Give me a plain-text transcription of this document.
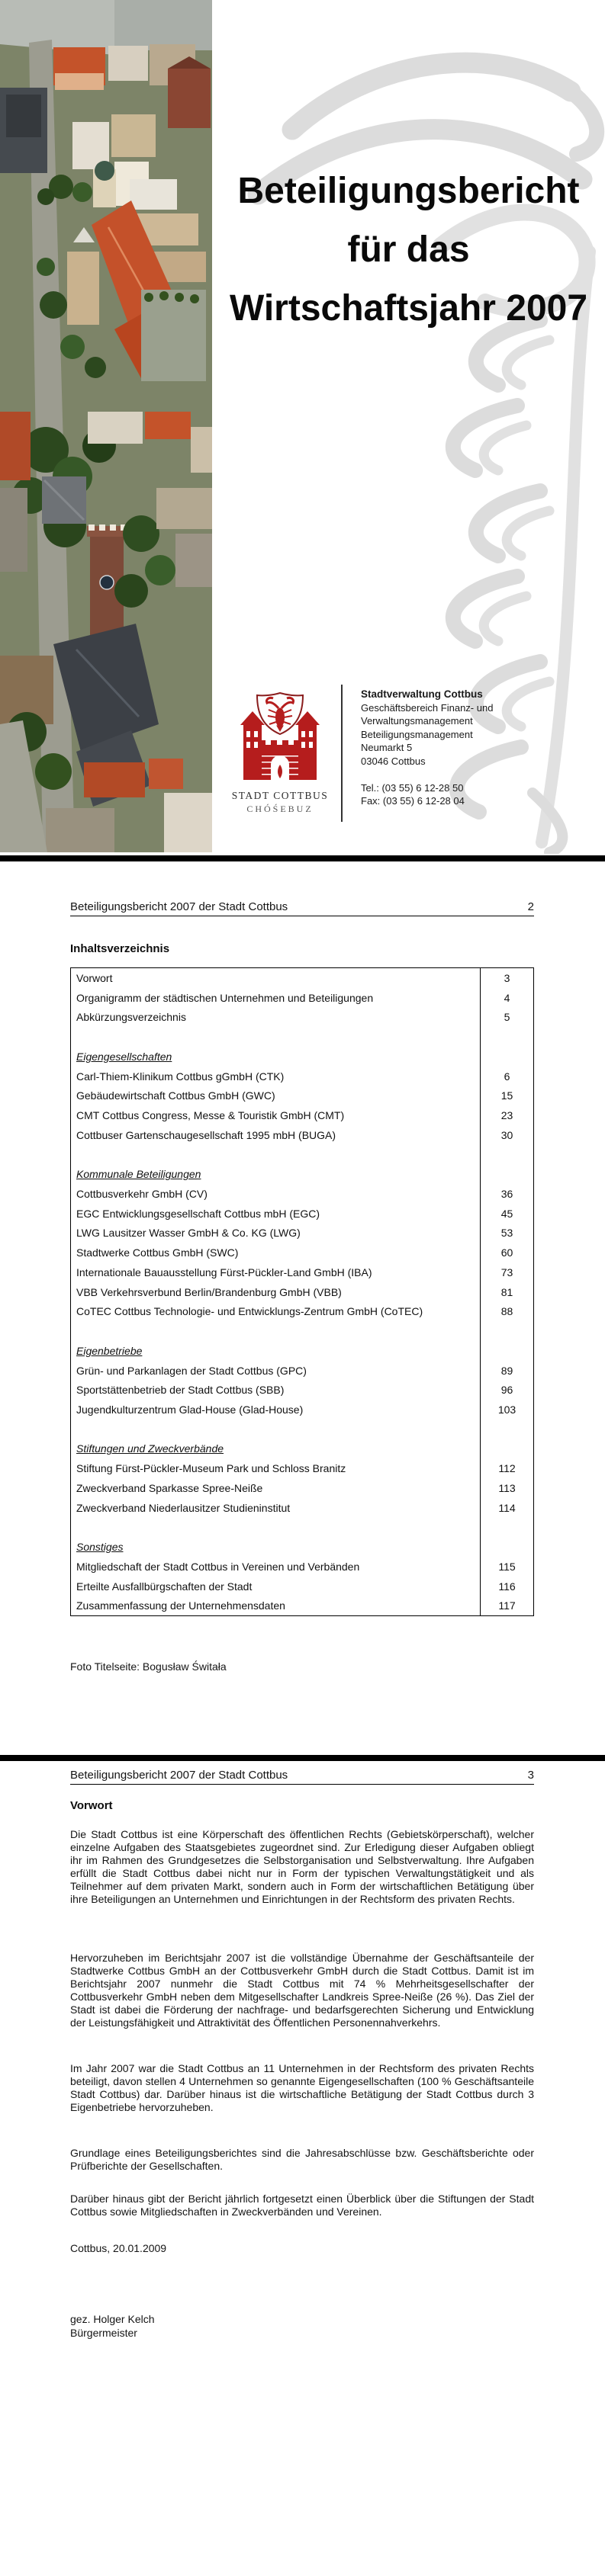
Beteiligungsbericht
für das
Wirtschaftsjahr 2007
STADT COTTBUS
CHÓŚEBUZ
Stadtverwaltung Cottbus
Geschäftsbereich Finanz- und
Verwaltungsmanagement
Beteiligungsmanagement
Neumarkt 5
03046 Cottbus
Tel.: (03 55) 6 12-28 50
Fax: (03 55) 6 12-28 04
Beteiligungsbericht 2007 der Stadt Cottbus	2
Inhaltsverzeichnis
Vorwort	3
Organigramm der städtischen Unternehmen und Beteiligungen	4
Abkürzungsverzeichnis	5
Eigengesellschaften
Carl-Thiem-Klinikum Cottbus gGmbH (CTK)	6
Gebäudewirtschaft Cottbus GmbH (GWC)	15
CMT Cottbus Congress, Messe & Touristik GmbH (CMT)	23
Cottbuser Gartenschaugesellschaft 1995 mbH (BUGA)	30
Kommunale Beteiligungen
Cottbusverkehr GmbH (CV)	36
EGC Entwicklungsgesellschaft Cottbus mbH (EGC)	45
LWG Lausitzer Wasser GmbH & Co. KG (LWG)	53
Stadtwerke Cottbus GmbH (SWC)	60
Internationale Bauausstellung Fürst-Pückler-Land GmbH (IBA)	73
VBB Verkehrsverbund Berlin/Brandenburg GmbH (VBB)	81
CoTEC Cottbus Technologie- und Entwicklungs-Zentrum GmbH (CoTEC)	88
Eigenbetriebe
Grün- und Parkanlagen der Stadt Cottbus (GPC)	89
Sportstättenbetrieb der Stadt Cottbus (SBB)	96
Jugendkulturzentrum Glad-House (Glad-House)	103
Stiftungen und Zweckverbände
Stiftung Fürst-Pückler-Museum Park und Schloss Branitz	112
Zweckverband Sparkasse Spree-Neiße	113
Zweckverband Niederlausitzer Studieninstitut	114
Sonstiges
Mitgliedschaft der Stadt Cottbus in Vereinen und Verbänden	115
Erteilte Ausfallbürgschaften der Stadt	116
Zusammenfassung der Unternehmensdaten	117
Foto Titelseite: Bogusław Świtała
Beteiligungsbericht 2007 der Stadt Cottbus	3
Vorwort

Die Stadt Cottbus ist eine Körperschaft des öffentlichen Rechts (Gebietskörperschaft), welcher einzelne Aufgaben des Staatsgebietes zugeordnet sind. Zur Erledigung dieser Aufgaben obliegt ihr im Rahmen des Grundgesetzes die Selbstorganisation und Selbstverwaltung. Ihre Aufgaben erfüllt die Stadt Cottbus dabei nicht nur in Form der typischen Verwaltungstätigkeit und als Teilnehmer auf dem privaten Markt, sondern auch in Form der wirtschaftlichen Betätigung über ihre Beteiligungen an Unternehmen und Einrichtungen in der Rechtsform des privaten Rechts.

Hervorzuheben im Berichtsjahr 2007 ist die vollständige Übernahme der Geschäftsanteile der Stadtwerke Cottbus GmbH an der Cottbusverkehr GmbH durch die Stadt Cottbus. Damit ist im Berichtsjahr 2007 nunmehr die Stadt Cottbus mit 74 % Mehrheitsgesellschafter der Cottbusverkehr GmbH neben dem Mitgesellschafter Landkreis Spree-Neiße (26 %). Das Ziel der Stadt ist dabei die Förderung der nachfrage- und bedarfsgerechten Sicherung und Entwicklung der Leistungsfähigkeit und Attraktivität des Öffentlichen Personennahverkehrs.

Im Jahr 2007 war die Stadt Cottbus an 11 Unternehmen in der Rechtsform des privaten Rechts beteiligt, davon stellen 4 Unternehmen so genannte Eigengesellschaften (100 % Geschäftsanteile Stadt Cottbus) dar. Darüber hinaus ist die wirtschaftliche Betätigung der Stadt Cottbus durch 3 Eigenbetriebe hervorzuheben.

Grundlage eines Beteiligungsberichtes sind die Jahresabschlüsse bzw. Geschäftsberichte oder Prüfberichte der Gesellschaften.

Darüber hinaus gibt der Bericht jährlich fortgesetzt einen Überblick über die Stiftungen der Stadt Cottbus sowie Mitgliedschaften in Zweckverbänden und Vereinen.

Cottbus, 20.01.2009
gez. Holger Kelch
Bürgermeister
